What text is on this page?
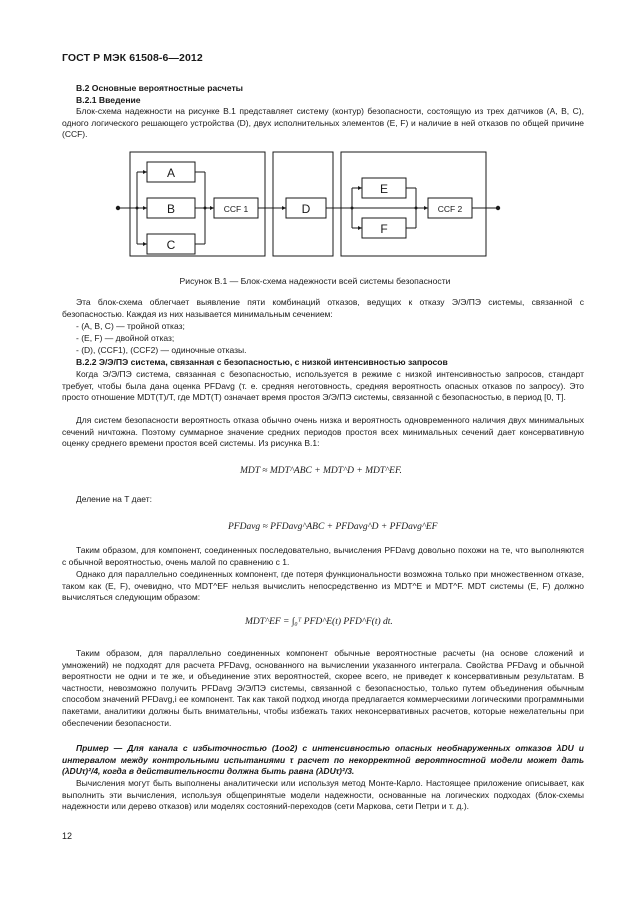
ГОСТ Р МЭК 61508-6—2012
В.2 Основные вероятностные расчеты
В.2.1 Введение
Блок-схема надежности на рисунке В.1 представляет систему (контур) безопасности, состоящую из трех датчиков (А, В, С), одного логического решающего устройства (D), двух исполнительных элементов (Е, F) и наличие в ней отказов по общей причине (CCF).
A
B
C
CCF 1	D
E
F
CCF 2
Рисунок В.1 — Блок-схема надежности всей системы безопасности
Эта блок-схема облегчает выявление пяти комбинаций отказов, ведущих к отказу Э/Э/ПЭ системы, связанной с безопасностью. Каждая из них называется минимальным сечением:
- (А, В, С) — тройной отказ;
- (Е, F) — двойной отказ;
- (D), (CCF1), (CCF2) — одиночные отказы.
В.2.2 Э/Э/ПЭ система, связанная с безопасностью, с низкой интенсивностью запросов
Когда Э/Э/ПЭ система, связанная с безопасностью, используется в режиме с низкой интенсивностью запросов, стандарт требует, чтобы была дана оценка PFDavg (т. е. средняя неготовность, средняя вероятность опасных отказов по запросу). Это просто отношение MDT(T)/T, где MDT(T) означает время простоя Э/Э/ПЭ системы, связанной с безопасностью, в период [0, T].
Для систем безопасности вероятность отказа обычно очень низка и вероятность одновременного наличия двух минимальных сечений ничтожна. Поэтому суммарное значение средних периодов простоя всех минимальных сечений дает консервативную оценку среднего времени простоя всей системы. Из рисунка В.1:
MDT ≈ MDT^ABC + MDT^D + MDT^EF.
Деление на T дает:
PFDavg ≈ PFDavg^ABC + PFDavg^D + PFDavg^EF
Таким образом, для компонент, соединенных последовательно, вычисления PFDavg довольно похожи на те, что выполняются с обычной вероятностью, очень малой по сравнению с 1.
Однако для параллельно соединенных компонент, где потеря функциональности возможна только при множественном отказе, таком как (E, F), очевидно, что MDT^EF нельзя вычислить непосредственно из MDT^E и MDT^F. MDT системы (E, F) должно вычисляться следующим образом:
MDT^EF = ∫₀ᵀ PFD^E(t) PFD^F(t) dt.
Таким образом, для параллельно соединенных компонент обычные вероятностные расчеты (на основе сложений и умножений) не подходят для расчета PFDavg, основанного на вычислении указанного интеграла. Свойства PFDavg и обычной вероятности не одни и те же, и объединение этих вероятностей, скорее всего, не приведет к консервативным результатам. В частности, невозможно получить PFDavg Э/Э/ПЭ системы, связанной с безопасностью, только путем объединения обычным способом значений PFDavg,i ее компонент. Так как такой подход иногда предлагается коммерческими логическими программными пакетами, аналитики должны быть внимательны, чтобы избежать таких неконсервативных расчетов, которые нежелательны при обеспечении безопасности.
Пример — Для канала с избыточностью (1oo2) с интенсивностью опасных необнаруженных отказов λDU и интервалом между контрольными испытаниями τ расчет по некорректной вероятностной модели может дать (λDUτ)²/4, когда в действительности должна быть равна (λDUτ)²/3.
Вычисления могут быть выполнены аналитически или используя метод Монте-Карло. Настоящее приложение описывает, как выполнить эти вычисления, используя общепринятые модели надежности, основанные на логических подходах (блок-схемы надежности или дерево отказов) или моделях состояний-переходов (сети Маркова, сети Петри и т. д.).
12
